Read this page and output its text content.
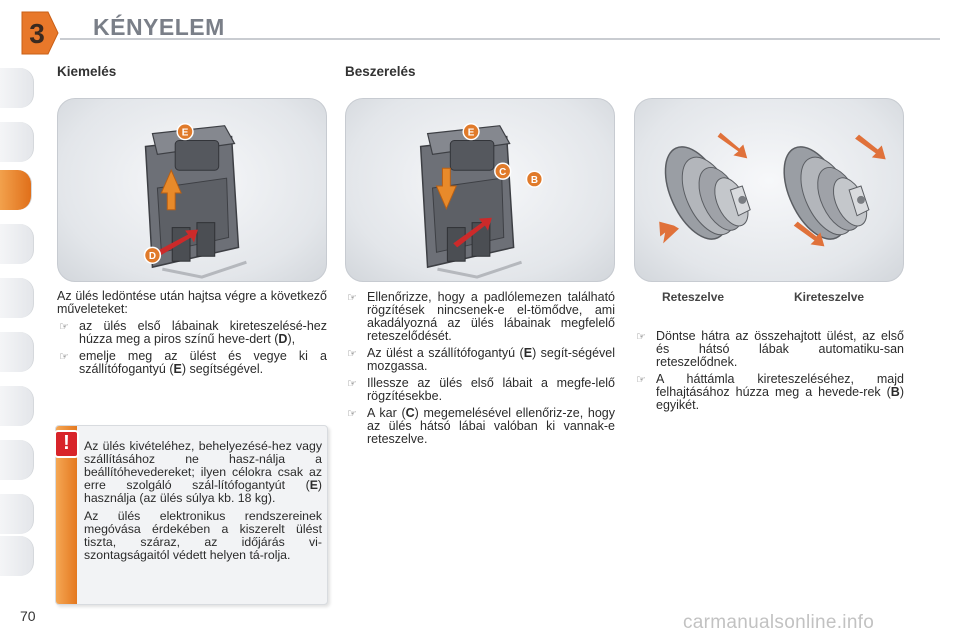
3 KÉNYELEM
Kiemelés	Beszerelés
E
D
E
C
B
Reteszelve	Kireteszelve

Az ülés ledöntése után hajtsa végre a következő műveleteket:

☞ az ülés első lábainak kireteszelésé-hez húzza meg a piros színű heve-dert (D),
☞ emelje meg az ülést és vegye ki a szállítófogantyú (E) segítségével.
☞ Ellenőrizze, hogy a padlólemezen található rögzítések nincsenek-e el-tömődve, ami akadályozná az ülés lábainak megfelelő reteszelődését.
☞ Az ülést a szállítófogantyú (E) segít-ségével mozgassa.
☞ Illessze az ülés első lábait a megfe-lelő rögzítésekbe.
☞ A kar (C) megemelésével ellenőriz-ze, hogy az ülés hátsó lábai valóban ki vannak-e reteszelve.
☞ Döntse hátra az összehajtott ülést, az első és hátsó lábak automatiku-san reteszelődnek.
☞ A háttámla kireteszeléséhez, majd felhajtásához húzza meg a hevede-rek (B) egyikét.
!	Az ülés kivételéhez, behelyezésé-hez vagy szállításához ne hasz-nálja a beállítóhevedereket; ilyen célokra csak az erre szolgáló szál-lítófogantyút (E) használja (az ülés súlya kb. 18 kg).

Az ülés elektronikus rendszereinek megóvása érdekében a kiszerelt ülést tiszta, száraz, az időjárás vi-szontagságaitól védett helyen tá-rolja.

70	carmanualsonline.info
